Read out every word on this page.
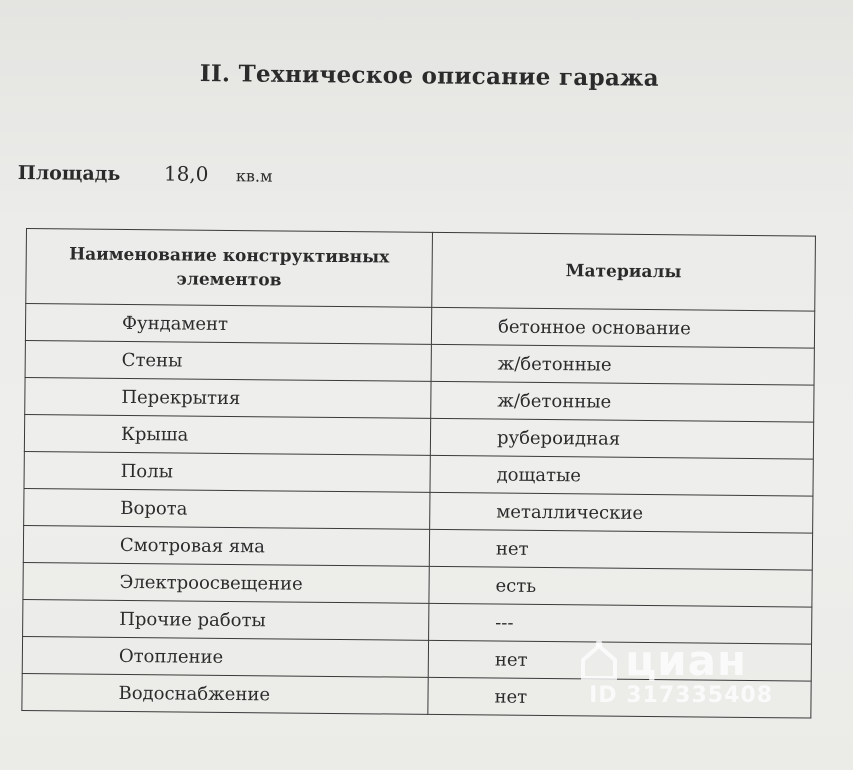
II. Техническое описание гаража
Площадь 18,0 кв.м
Наименование конструктивных элементов	Материалы
Фундамент	бетонное основание
Стены	ж/бетонные
Перекрытия	ж/бетонные
Крыша	рубероидная
Полы	дощатые
Ворота	металлические
Смотровая яма	нет
Электроосвещение	есть
Прочие работы	---
Отопление	нет
Водоснабжение	нет
циан
ID 317335408
